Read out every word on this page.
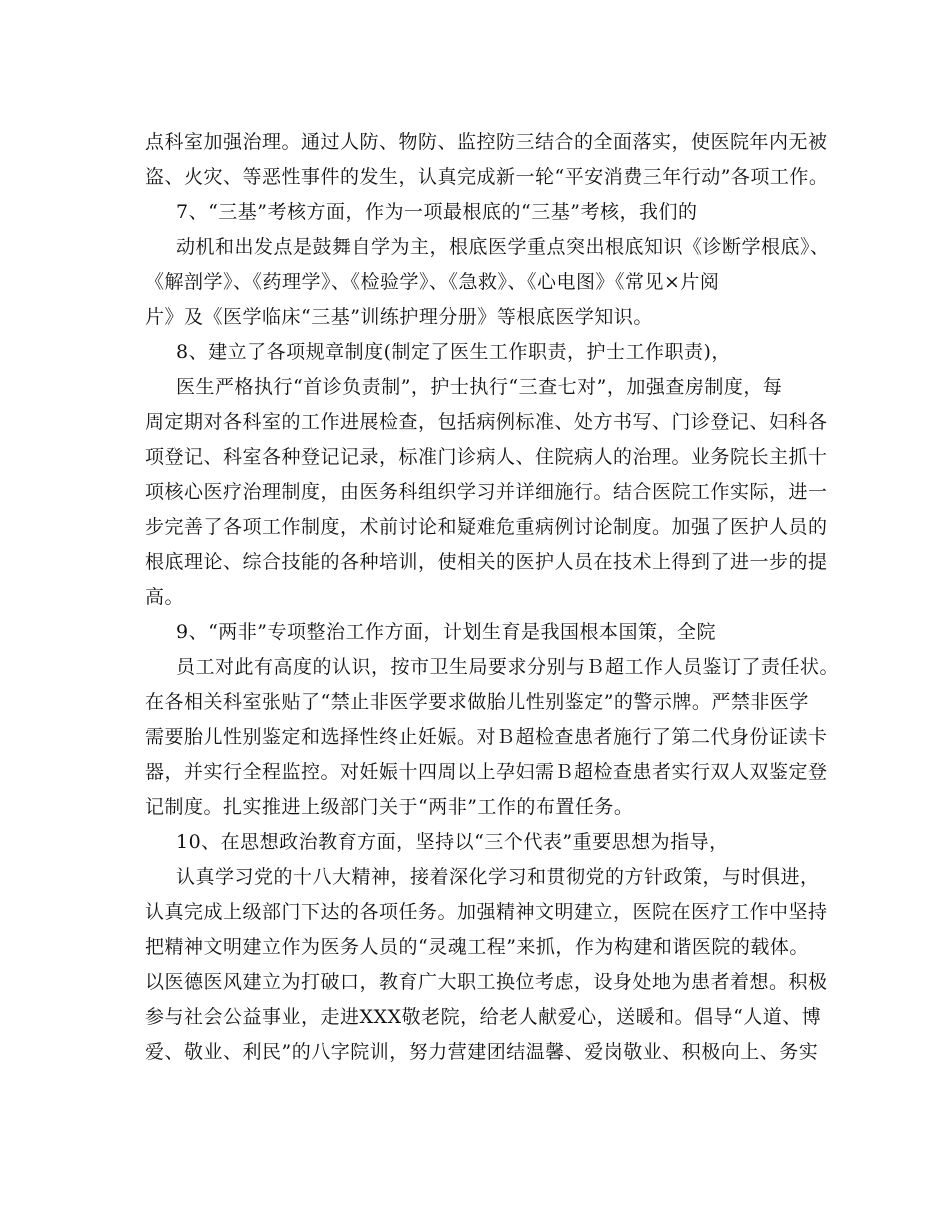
点科室加强治理。通过人防、物防、监控防三结合的全面落实，使医院年内无被
盗、火灾、等恶性事件的发生，认真完成新一轮“平安消费三年行动”各项工作。
7、“三基”考核方面，作为一项最根底的“三基”考核，我们的
动机和出发点是鼓舞自学为主，根底医学重点突出根底知识《诊断学根底》、
《解剖学》、《药理学》、《检验学》、《急救》、《心电图》《常见×片阅
片》及《医学临床“三基”训练护理分册》等根底医学知识。
8、建立了各项规章制度(制定了医生工作职责，护士工作职责)，
医生严格执行“首诊负责制”，护士执行“三查七对”，加强查房制度，每
周定期对各科室的工作进展检查，包括病例标准、处方书写、门诊登记、妇科各
项登记、科室各种登记记录，标准门诊病人、住院病人的治理。业务院长主抓十
项核心医疗治理制度，由医务科组织学习并详细施行。结合医院工作实际，进一
步完善了各项工作制度，术前讨论和疑难危重病例讨论制度。加强了医护人员的
根底理论、综合技能的各种培训，使相关的医护人员在技术上得到了进一步的提
高。
9、“两非”专项整治工作方面，计划生育是我国根本国策，全院
员工对此有高度的认识，按市卫生局要求分别与Ｂ超工作人员鉴订了责任状。
在各相关科室张贴了“禁止非医学要求做胎儿性别鉴定”的警示牌。严禁非医学
需要胎儿性别鉴定和选择性终止妊娠。对Ｂ超检查患者施行了第二代身份证读卡
器，并实行全程监控。对妊娠十四周以上孕妇需Ｂ超检查患者实行双人双鉴定登
记制度。扎实推进上级部门关于“两非”工作的布置任务。
10、在思想政治教育方面，坚持以“三个代表”重要思想为指导，
认真学习党的十八大精神，接着深化学习和贯彻党的方针政策，与时俱进，
认真完成上级部门下达的各项任务。加强精神文明建立，医院在医疗工作中坚持
把精神文明建立作为医务人员的“灵魂工程”来抓，作为构建和谐医院的载体。
以医德医风建立为打破口，教育广大职工换位考虑，设身处地为患者着想。积极
参与社会公益事业，走进XXX敬老院，给老人献爱心，送暖和。倡导“人道、博
爱、敬业、利民”的八字院训，努力营建团结温馨、爱岗敬业、积极向上、务实
